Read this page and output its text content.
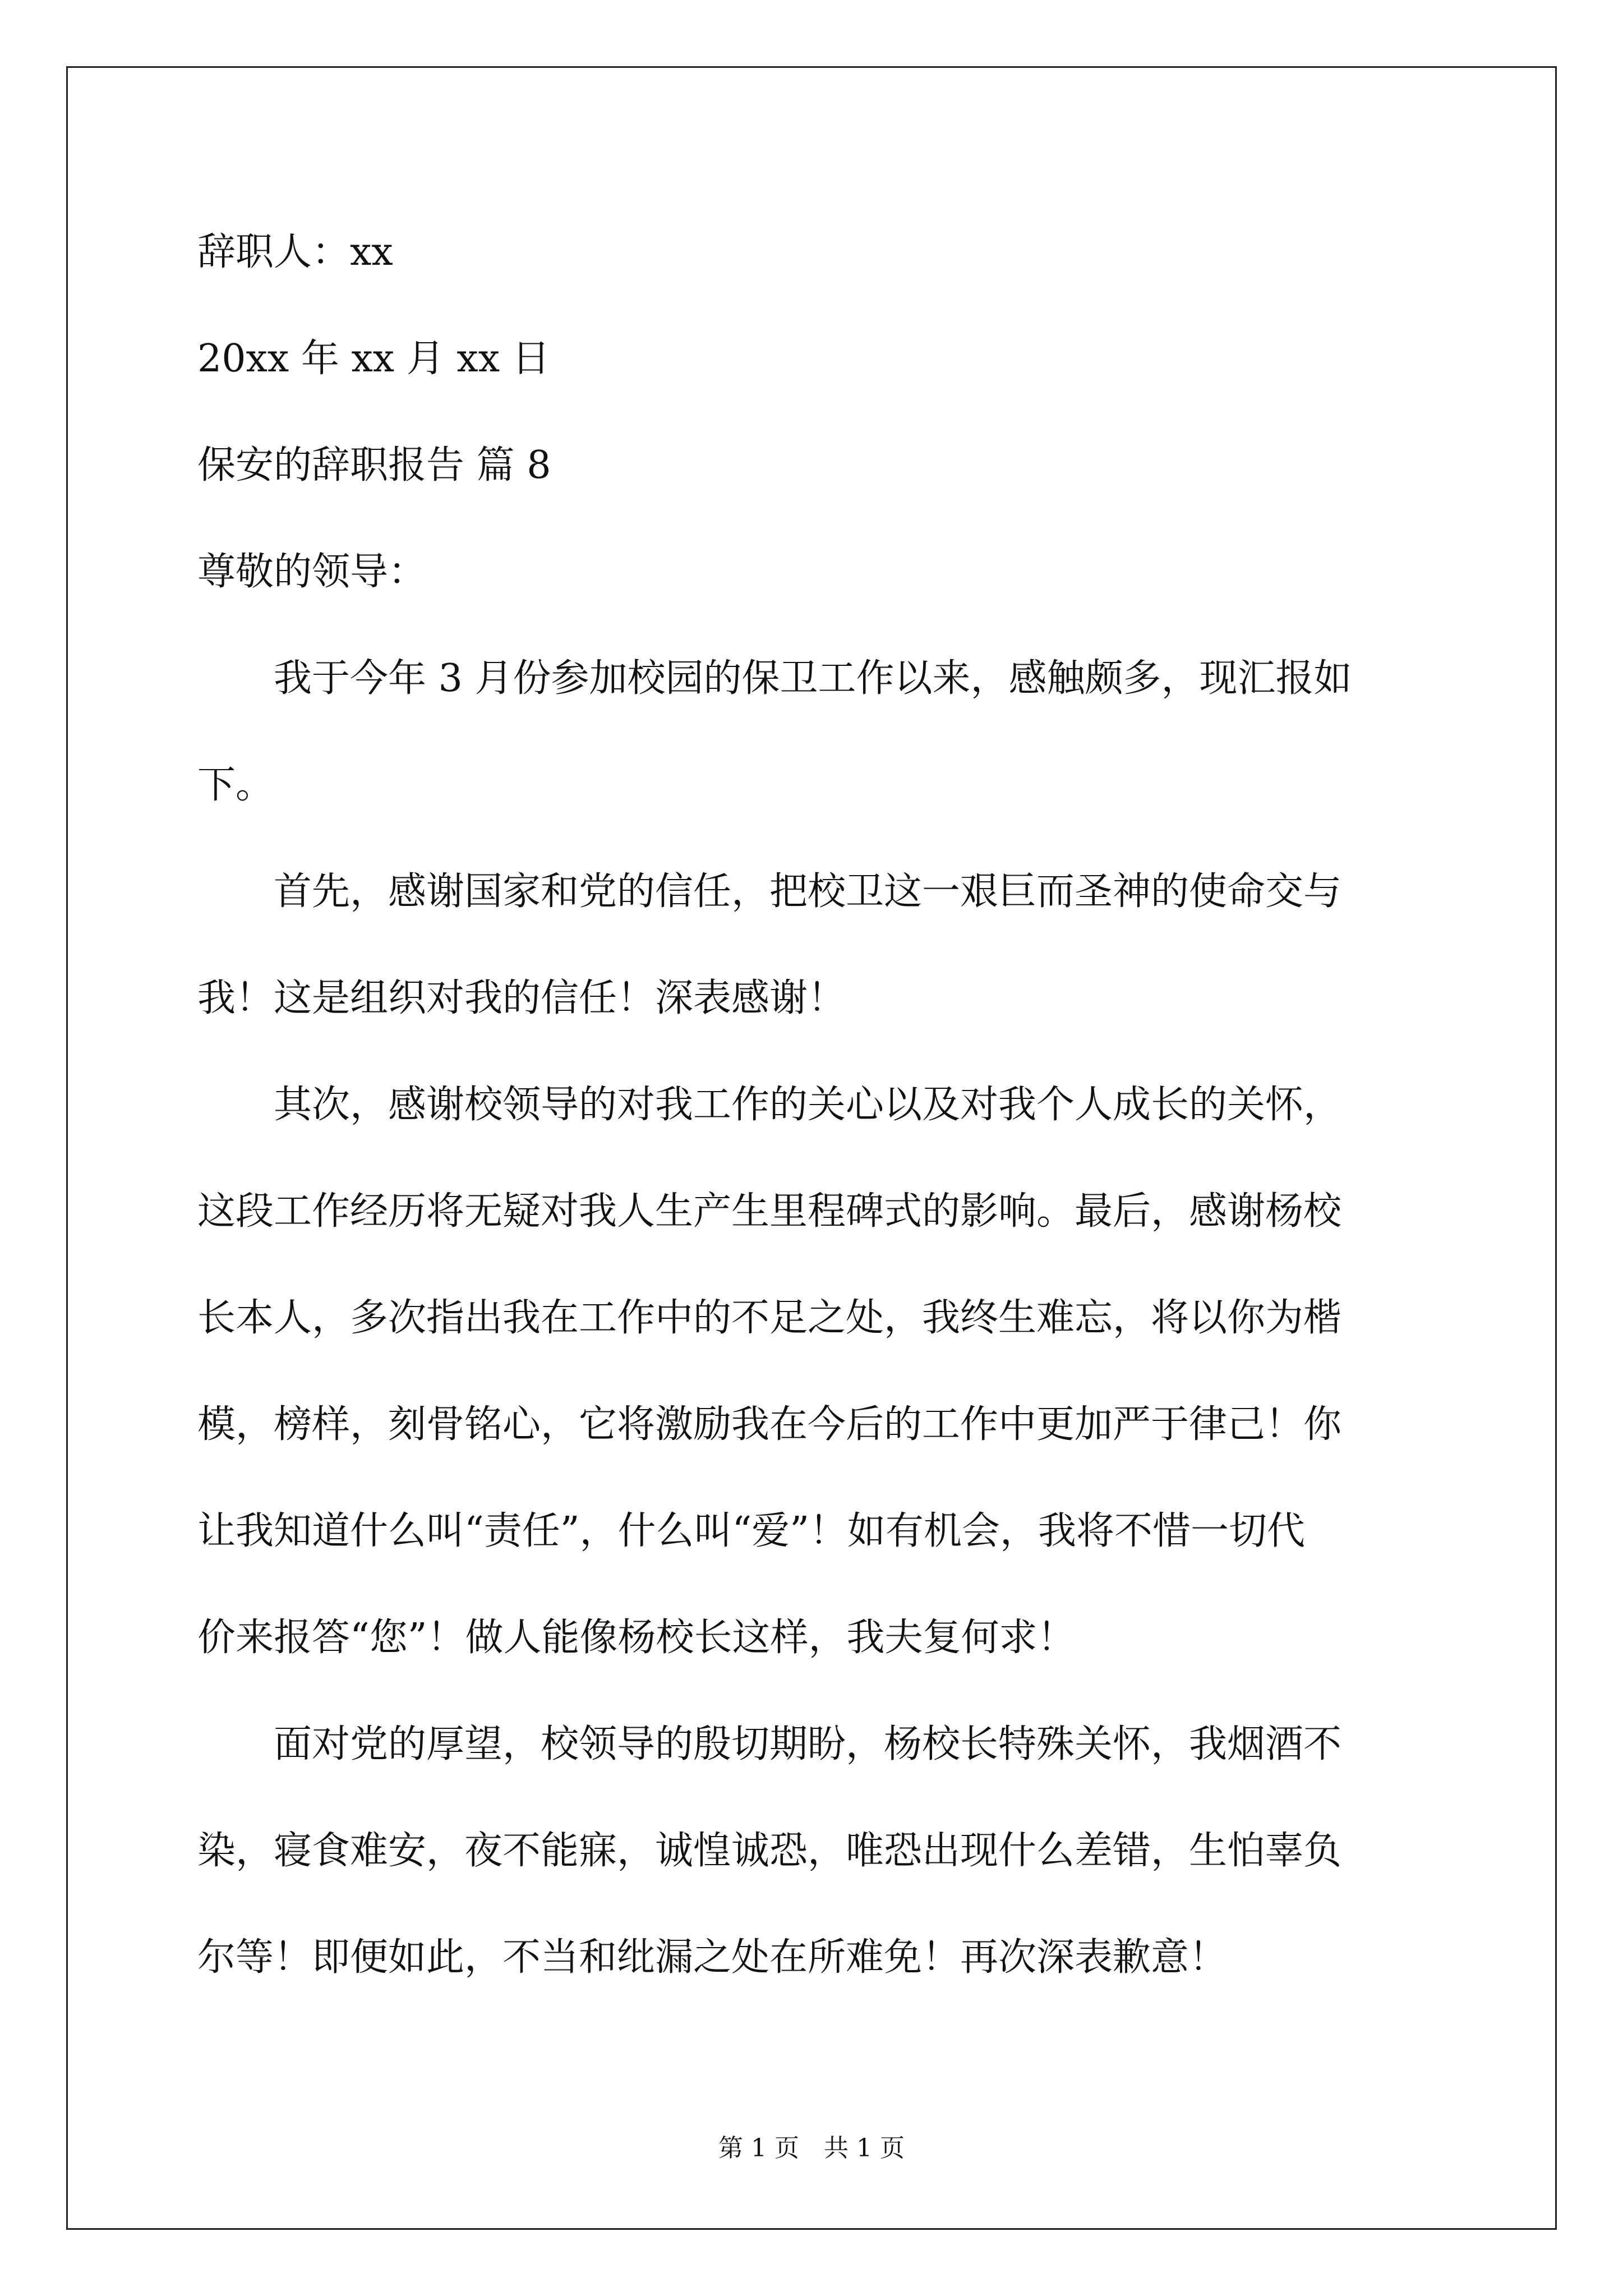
辞职人：xx
20xx 年 xx 月 xx 日
保安的辞职报告 篇 8
尊敬的领导：
　　我于今年 3 月份参加校园的保卫工作以来，感触颇多，现汇报如
下。
　　首先，感谢国家和党的信任，把校卫这一艰巨而圣神的使命交与
我！这是组织对我的信任！深表感谢！
　　其次，感谢校领导的对我工作的关心以及对我个人成长的关怀，
这段工作经历将无疑对我人生产生里程碑式的影响。最后，感谢杨校
长本人，多次指出我在工作中的不足之处，我终生难忘，将以你为楷
模，榜样，刻骨铭心，它将激励我在今后的工作中更加严于律己！你
让我知道什么叫“责任”，什么叫“爱”！如有机会，我将不惜一切代
价来报答“您”！做人能像杨校长这样，我夫复何求！
　　面对党的厚望，校领导的殷切期盼，杨校长特殊关怀，我烟酒不
染，寝食难安，夜不能寐，诚惶诚恐，唯恐出现什么差错，生怕辜负
尔等！即便如此，不当和纰漏之处在所难免！再次深表歉意！
第 1 页　共 1 页
